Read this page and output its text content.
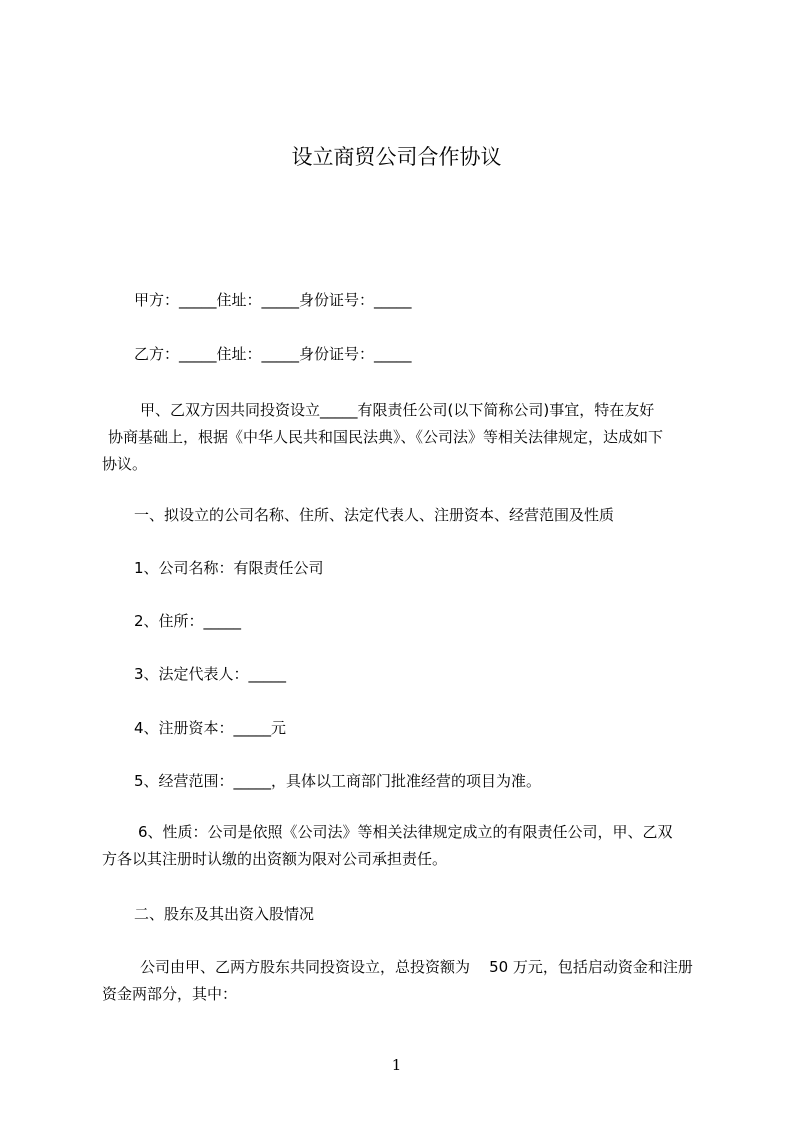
设立商贸公司合作协议
甲方：_____住址：_____身份证号：_____
乙方：_____住址：_____身份证号：_____
甲、乙双方因共同投资设立_____有限责任公司(以下简称公司)事宜，特在友好
协商基础上，根据《中华人民共和国民法典》、《公司法》等相关法律规定，达成如下
协议。
一、拟设立的公司名称、住所、法定代表人、注册资本、经营范围及性质
1、公司名称：有限责任公司
2、住所：_____
3、法定代表人：_____
4、注册资本：_____元
5、经营范围：_____，具体以工商部门批准经营的项目为准。
6、性质：公司是依照《公司法》等相关法律规定成立的有限责任公司，甲、乙双
方各以其注册时认缴的出资额为限对公司承担责任。
二、股东及其出资入股情况
公司由甲、乙两方股东共同投资设立，总投资额为    50 万元，包括启动资金和注册
资金两部分，其中：
1
